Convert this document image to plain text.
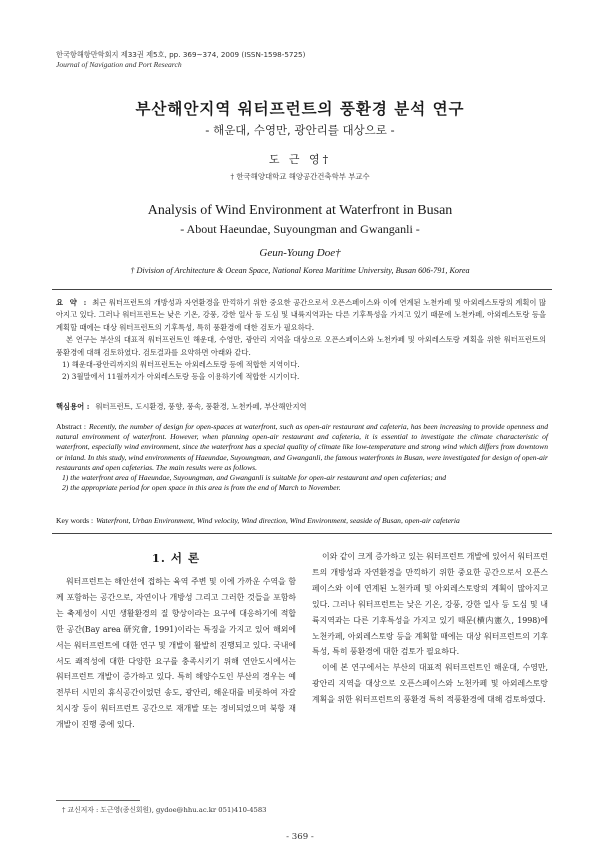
한국항해항만학회지 제33권 제5호, pp. 369~374, 2009 (ISSN-1598-5725)
Journal of Navigation and Port Research
부산해안지역 워터프런트의 풍환경 분석 연구
- 해운대, 수영만, 광안리를 대상으로 -
도 근 영†
† 한국해양대학교 해양공간건축학부 부교수
Analysis of Wind Environment at Waterfront in Busan
- About Haeundae, Suyoungman and Gwanganli -
Geun-Young Doe†
† Division of Architecture & Ocean Space, National Korea Maritime University, Busan 606-791, Korea

요 약 : 최근 워터프런트의 개방성과 자연환경을 만끽하기 위한 중요한 공간으로서 오픈스페이스와 이에 연계된 노천카페 및 아외레스토랑의 계획이 많아지고 있다. 그러나 워터프런트는 낮은 기온, 강풍, 강한 일사 등 도심 및 내륙지역과는 다른 기후특성을 가지고 있기 때문에 노천카페, 아외레스토랑 등을 계획할 때에는 대상 워터프런트의 기후특성, 특히 풍환경에 대한 검토가 필요하다.

본 연구는 부산의 대표적 워터프런트인 해운대, 수영만, 광안리 지역을 대상으로 오픈스페이스와 노천카페 및 아외레스토랑 계획을 위한 워터프런트의 풍환경에 대해 검토하였다. 검토결과를 요약하면 아래와 같다.

1) 해운대-광안리까지의 워터프런트는 아외레스토랑 등에 적합한 지역이다.

2) 3월말에서 11월까지가 아외레스토랑 등을 이용하기에 적합한 시기이다.

핵심용어 : 워터프런트, 도시환경, 풍향, 풍속, 풍환경, 노천카페, 부산해안지역

Abstract : Recently, the number of design for open-spaces at waterfront, such as open-air restaurant and cafeteria, has been increasing to provide openness and natural environment of waterfront. However, when planning open-air restaurant and cafeteria, it is essential to investigate the climate characteristic of waterfront, especially wind environment, since the waterfront has a special quality of climate like low-temperature and strong wind which differs from downtown or inland. In this study, wind environments of Haeundae, Suyoungman, and Gwanganli, the famous waterfronts in Busan, were investigated for design of open-air restaurants and open cafeterias. The main results were as follows.

1) the waterfront area of Haeundae, Suyoungman, and Gwanganli is suitable for open-air restaurant and open cafeterias; and

2) the appropriate period for open space in this area is from the end of March to November.

Key words : Waterfront, Urban Environment, Wind velocity, Wind direction, Wind Environment, seaside of Busan, open-air cafeteria
1. 서 론

워터프런트는 해안선에 접하는 육역 주변 및 이에 가까운 수역을 함께 포함하는 공간으로, 자연이나 개방성 그리고 그러한 것들을 포함하는 축제성이 시민 생활환경의 질 향상이라는 요구에 대응하기에 적합한 공간(Bay area 研究會, 1991)이라는 특징을 가지고 있어 해외에서는 워터프런트에 대한 연구 및 개발이 활발히 진행되고 있다. 국내에서도 쾌적성에 대한 다양한 요구를 충족시키기 위해 연안도시에서는 워터프런트 개발이 증가하고 있다. 특히 해양수도인 부산의 경우는 예전부터 시민의 휴식공간이었던 송도, 광안리, 해운대를 비롯하여 자갈치시장 등이 워터프런트 공간으로 재개발 또는 정비되었으며 북항 재개발이 진행 중에 있다.

이와 같이 크게 증가하고 있는 워터프런트 개발에 있어서 워터프런트의 개방성과 자연환경을 만끽하기 위한 중요한 공간으로서 오픈스페이스와 이에 연계된 노천카페 및 아외레스토랑의 계획이 많아지고 있다. 그러나 워터프런트는 낮은 기온, 강풍, 강한 일사 등 도심 및 내륙지역과는 다른 기후특성을 가지고 있기 때문(横内憲久, 1998)에 노천카페, 아외레스토랑 등을 계획할 때에는 대상 워터프런트의 기후특성, 특히 풍환경에 대한 검토가 필요하다.

이에 본 연구에서는 부산의 대표적 워터프런트인 해운대, 수영만, 광안리 지역을 대상으로 오픈스페이스와 노천카페 및 아외레스토랑 계획을 위한 워터프런트의 풍환경 특히 적풍환경에 대해 검토하였다.

† 교신저자 : 도근영(종신회원), gydoe@hhu.ac.kr 051)410-4583
- 369 -
